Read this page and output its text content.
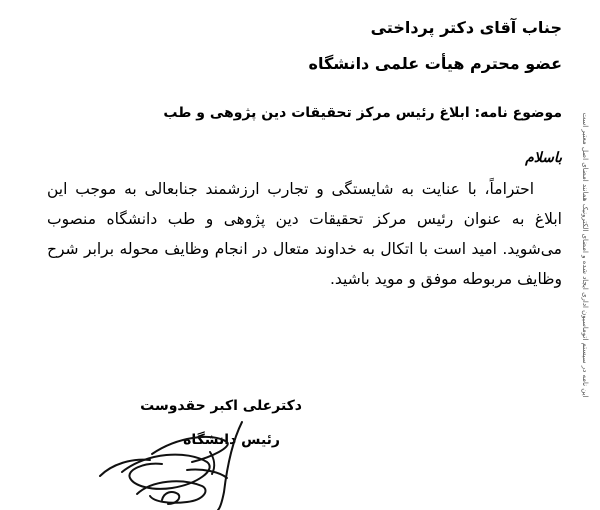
جناب آقای دکتر پرداختی
عضو محترم هیأت علمی دانشگاه
موضوع نامه: ابلاغ رئیس مرکز تحقیقات دین پژوهی و طب
باسلام
احتراماً، با عنایت به شایستگی و تجارب ارزشمند جنابعالی به موجب این ابلاغ به عنوان رئیس مرکز تحقیقات دین پژوهی و طب دانشگاه منصوب می‌شوید. امید است با اتکال به خداوند متعال در انجام وظایف محوله برابر شرح وظایف مربوطه موفق و موید باشید.
دکترعلی اکبر حقدوست
رئیس دانشگاه
این نامه در سیستم اتوماسیون اداری ایجاد شده و امضای الکترونیک همانند امضای اصل معتبر است
